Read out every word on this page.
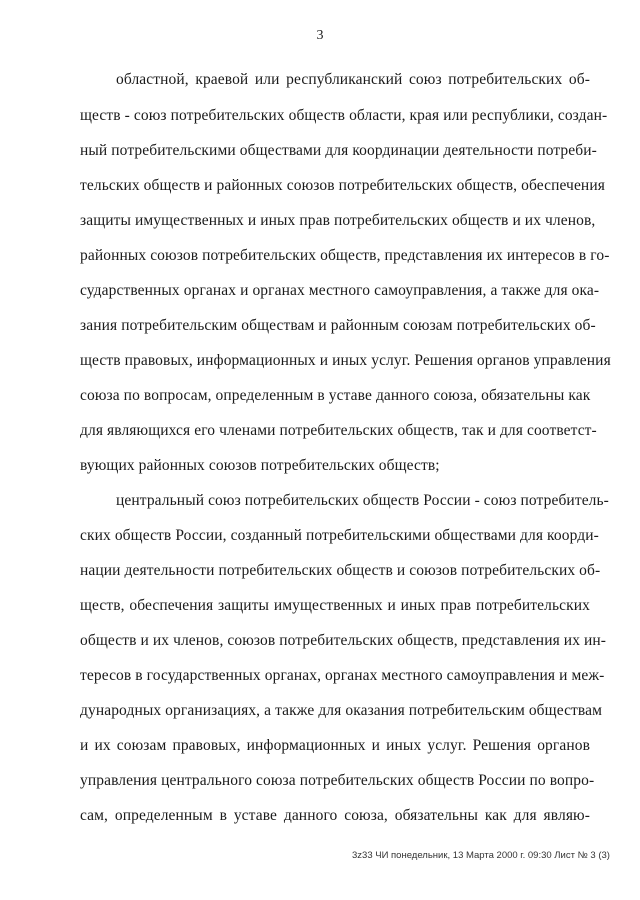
3
областной, краевой или республиканский союз потребительских об-
ществ - союз потребительских обществ области, края или республики, создан-
ный потребительскими обществами для координации деятельности потреби-
тельских обществ и районных союзов потребительских обществ, обеспечения
защиты имущественных и иных прав потребительских обществ и их членов,
районных союзов потребительских обществ, представления их интересов в го-
сударственных органах и органах местного самоуправления, а также для ока-
зания потребительским обществам и районным союзам потребительских об-
ществ правовых, информационных и иных услуг. Решения органов управления
союза по вопросам, определенным в уставе данного союза, обязательны как
для являющихся его членами потребительских обществ, так и для соответст-
вующих районных союзов потребительских обществ;
центральный союз потребительских обществ России - союз потребитель-
ских обществ России, созданный потребительскими обществами для коорди-
нации деятельности потребительских обществ и союзов потребительских об-
ществ, обеспечения защиты имущественных и иных прав потребительских
обществ и их членов, союзов потребительских обществ, представления их ин-
тересов в государственных органах, органах местного самоуправления и меж-
дународных организациях, а также для оказания потребительским обществам
и их союзам правовых, информационных и иных услуг. Решения органов
управления центрального союза потребительских обществ России по вопро-
сам, определенным в уставе данного союза, обязательны как для являю-
3z33 ЧИ понедельник, 13 Марта 2000 г. 09:30 Лист № 3 (3)
